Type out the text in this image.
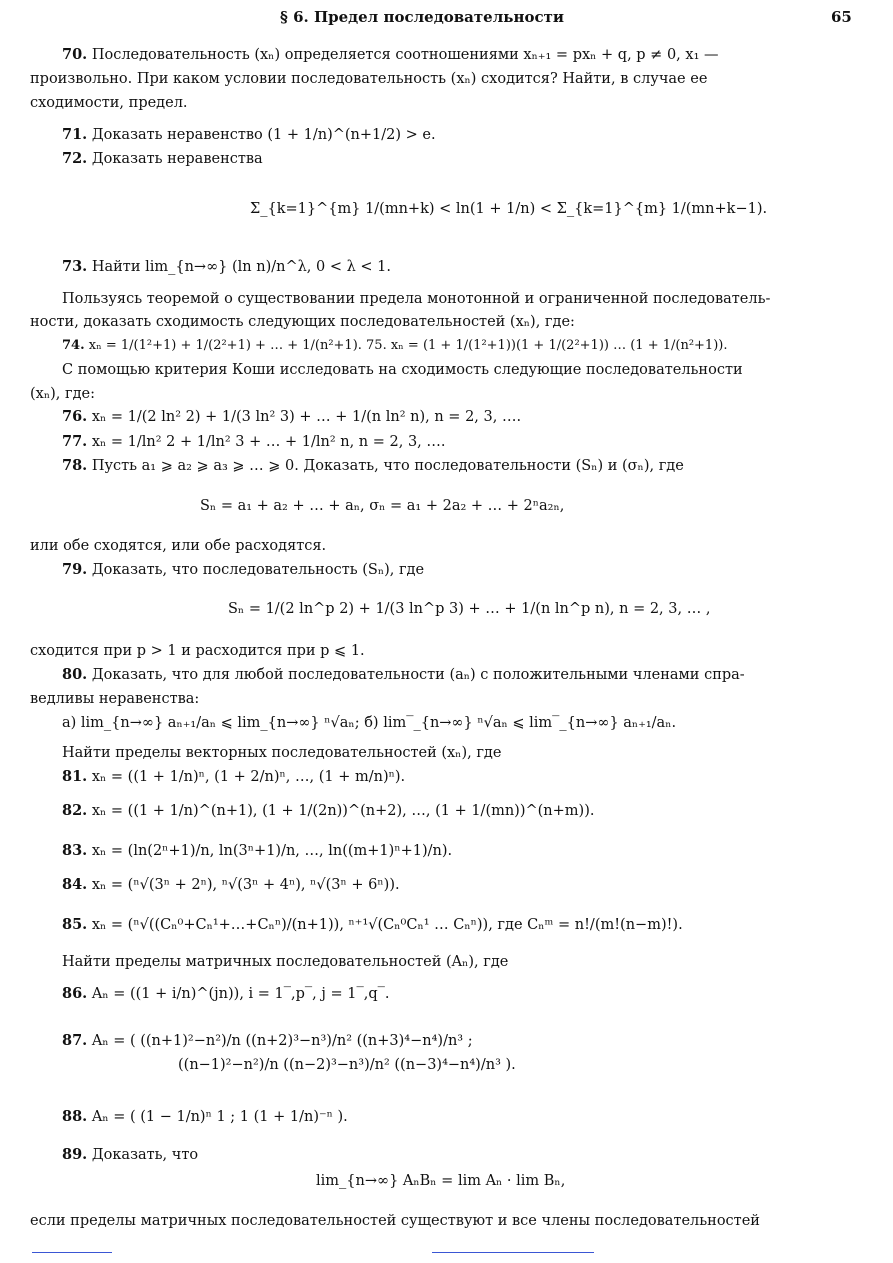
§ 6. Предел последовательности	65
70. Последовательность (xₙ) определяется соотношениями xₙ₊₁ = pxₙ + q, p ≠ 0, x₁ —
произвольно. При каком условии последовательность (xₙ) сходится? Найти, в случае ее
сходимости, предел.
71. Доказать неравенство (1 + 1/n)^(n+1/2) > e.
72. Доказать неравенства
Σ_{k=1}^{m} 1/(mn+k) < ln(1 + 1/n) < Σ_{k=1}^{m} 1/(mn+k−1).
73. Найти lim_{n→∞} (ln n)/n^λ, 0 < λ < 1.
Пользуясь теоремой о существовании предела монотонной и ограниченной последователь-
ности, доказать сходимость следующих последовательностей (xₙ), где:
74. xₙ = 1/(1²+1) + 1/(2²+1) + … + 1/(n²+1). 75. xₙ = (1 + 1/(1²+1))(1 + 1/(2²+1)) … (1 + 1/(n²+1)).
С помощью критерия Коши исследовать на сходимость следующие последовательности
(xₙ), где:
76. xₙ = 1/(2 ln² 2) + 1/(3 ln² 3) + … + 1/(n ln² n), n = 2, 3, ….
77. xₙ = 1/ln² 2 + 1/ln² 3 + … + 1/ln² n, n = 2, 3, ….
78. Пусть a₁ ⩾ a₂ ⩾ a₃ ⩾ … ⩾ 0. Доказать, что последовательности (Sₙ) и (σₙ), где
Sₙ = a₁ + a₂ + … + aₙ, σₙ = a₁ + 2a₂ + … + 2ⁿa₂ₙ,
или обе сходятся, или обе расходятся.
79. Доказать, что последовательность (Sₙ), где
Sₙ = 1/(2 ln^p 2) + 1/(3 ln^p 3) + … + 1/(n ln^p n), n = 2, 3, … ,
сходится при p > 1 и расходится при p ⩽ 1.
80. Доказать, что для любой последовательности (aₙ) с положительными членами спра-
ведливы неравенства:
а) lim_{n→∞} aₙ₊₁/aₙ ⩽ lim_{n→∞} ⁿ√aₙ; б) lim‾_{n→∞} ⁿ√aₙ ⩽ lim‾_{n→∞} aₙ₊₁/aₙ.
Найти пределы векторных последовательностей (xₙ), где
81. xₙ = ((1 + 1/n)ⁿ, (1 + 2/n)ⁿ, …, (1 + m/n)ⁿ).
82. xₙ = ((1 + 1/n)^(n+1), (1 + 1/(2n))^(n+2), …, (1 + 1/(mn))^(n+m)).
83. xₙ = (ln(2ⁿ+1)/n, ln(3ⁿ+1)/n, …, ln((m+1)ⁿ+1)/n).
84. xₙ = (ⁿ√(3ⁿ + 2ⁿ), ⁿ√(3ⁿ + 4ⁿ), ⁿ√(3ⁿ + 6ⁿ)).
85. xₙ = (ⁿ√((Cₙ⁰+Cₙ¹+…+Cₙⁿ)/(n+1)), ⁿ⁺¹√(Cₙ⁰Cₙ¹ … Cₙⁿ)), где Cₙᵐ = n!/(m!(n−m)!).
Найти пределы матричных последовательностей (Aₙ), где
86. Aₙ = ((1 + i/n)^(jn)), i = 1‾,p‾, j = 1‾,q‾.
87. Aₙ = ( ((n+1)²−n²)/n ((n+2)³−n³)/n² ((n+3)⁴−n⁴)/n³ ;
((n−1)²−n²)/n ((n−2)³−n³)/n² ((n−3)⁴−n⁴)/n³ ).
88. Aₙ = ( (1 − 1/n)ⁿ 1 ; 1 (1 + 1/n)⁻ⁿ ).
89. Доказать, что
lim_{n→∞} AₙBₙ = lim Aₙ · lim Bₙ,
если пределы матричных последовательностей существуют и все члены последовательностей
